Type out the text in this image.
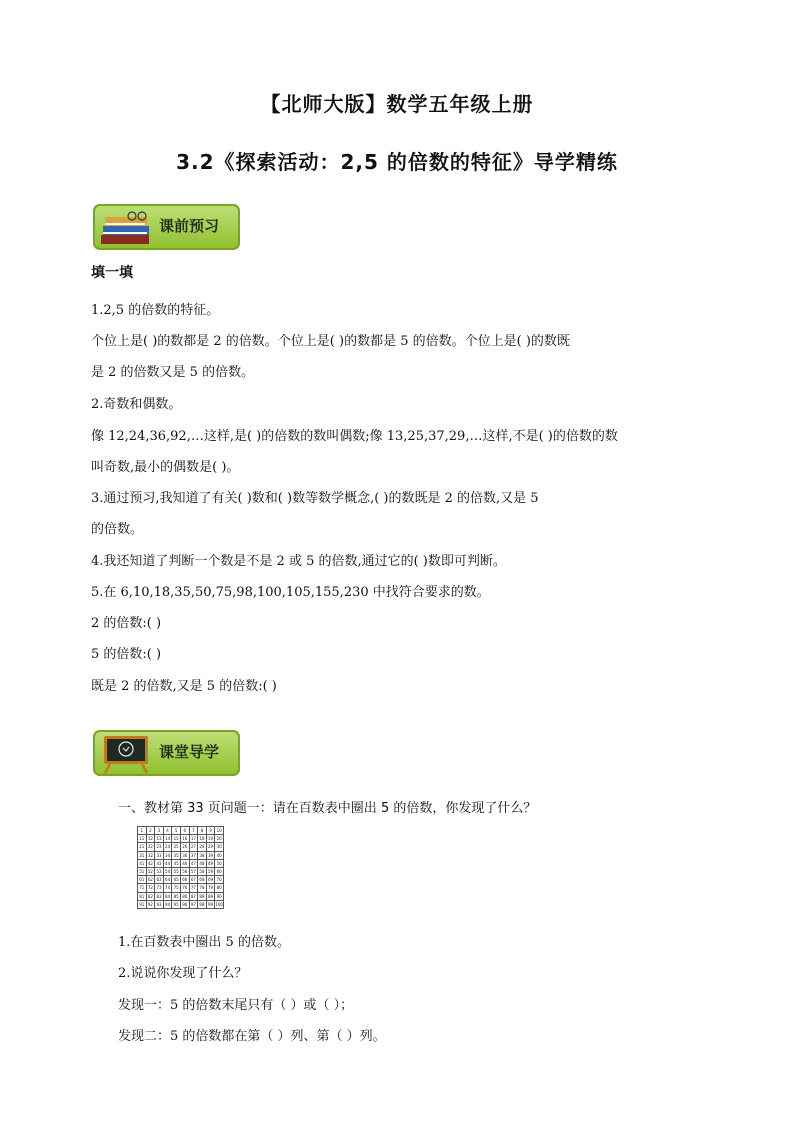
【北师大版】数学五年级上册
3.2《探索活动：2,5 的倍数的特征》导学精练
课前预习
填一填
1.2,5 的倍数的特征。
个位上是( )的数都是 2 的倍数。个位上是( )的数都是 5 的倍数。个位上是( )的数既
是 2 的倍数又是 5 的倍数。
2.奇数和偶数。
像 12,24,36,92,…这样,是( )的倍数的数叫偶数;像 13,25,37,29,…这样,不是( )的倍数的数
叫奇数,最小的偶数是( )。
3.通过预习,我知道了有关( )数和( )数等数学概念,( )的数既是 2 的倍数,又是 5
的倍数。
4.我还知道了判断一个数是不是 2 或 5 的倍数,通过它的( )数即可判断。
5.在 6,10,18,35,50,75,98,100,105,155,230 中找符合要求的数。
2 的倍数:( )
5 的倍数:( )
既是 2 的倍数,又是 5 的倍数:( )
课堂导学
一、教材第 33 页问题一：请在百数表中圈出 5 的倍数，你发现了什么？
1	2	3	4	5	6	7	8	9	10
11	12	13	14	15	16	17	18	19	20
21	22	23	24	25	26	27	28	29	30
31	32	33	34	35	36	37	38	39	40
41	42	43	44	45	46	47	48	49	50
51	52	53	54	55	56	57	58	59	60
61	62	63	64	65	66	67	68	69	70
71	72	73	74	75	76	77	78	79	80
81	82	83	84	85	86	87	88	89	90
91	92	93	94	95	96	97	98	99	100
1.在百数表中圈出 5 的倍数。
2.说说你发现了什么？
发现一：5 的倍数末尾只有（ ）或（ ）；
发现二：5 的倍数都在第（ ）列、第（ ）列。
